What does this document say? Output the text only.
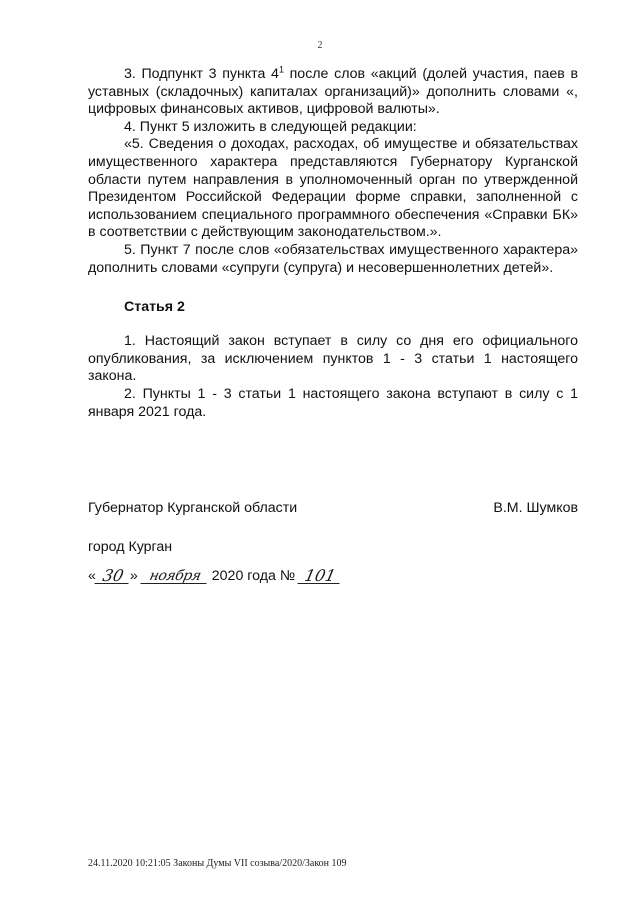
2

3. Подпункт 3 пункта $4^1$ после слов «акций (долей участия, паев в уставных (складочных) капиталах организаций)» дополнить словами «, цифровых финансовых активов, цифровой валюты».

4. Пункт 5 изложить в следующей редакции:

«5. Сведения о доходах, расходах, об имуществе и обязательствах имущественного характера представляются Губернатору Курганской области путем направления в уполномоченный орган по утвержденной Президентом Российской Федерации форме справки, заполненной с использованием специального программного обеспечения «Справки БК» в соответствии с действующим законодательством.».

5. Пункт 7 после слов «обязательствах имущественного характера» дополнить словами «супруги (супруга) и несовершеннолетних детей».

Статья 2

1. Настоящий закон вступает в силу со дня его официального опубликования, за исключением пунктов 1 - 3 статьи 1 настоящего закона.

2. Пункты 1 - 3 статьи 1 настоящего закона вступают в силу с 1 января 2021 года.

Губернатор Курганской области	В.М. Шумков
город Курган
« 30 » ноября 2020 года № 101
24.11.2020 10:21:05 Законы Думы VII созыва/2020/Закон 109
